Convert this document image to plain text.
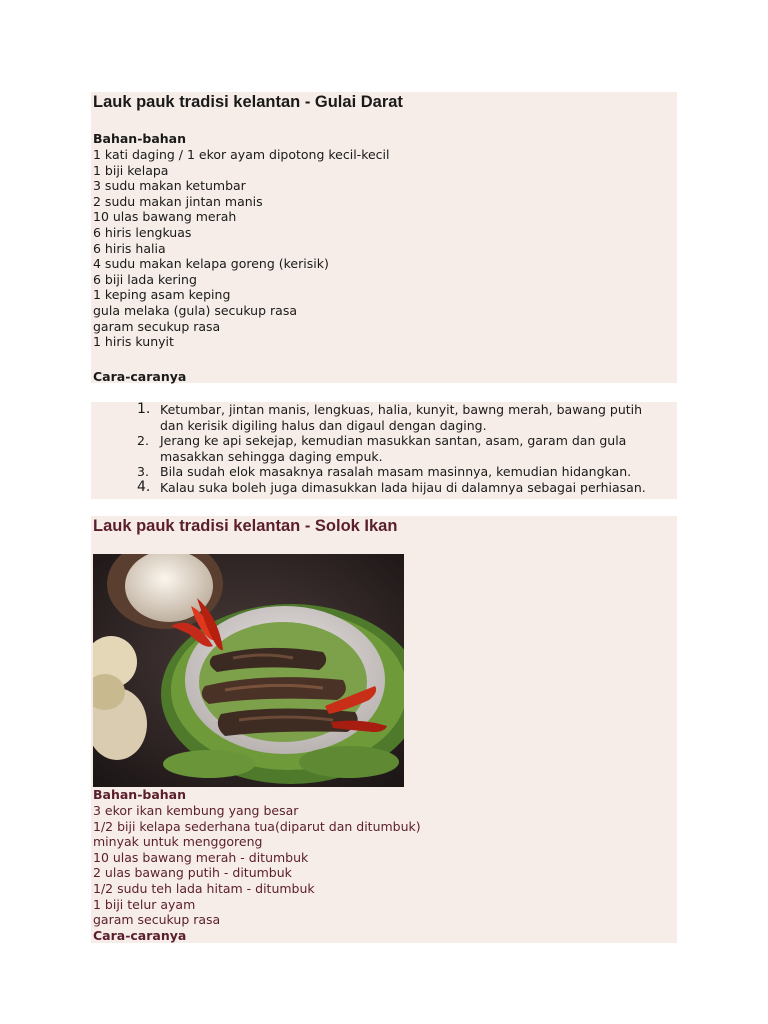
Lauk pauk tradisi kelantan - Gulai Darat
Bahan-bahan
1 kati daging / 1 ekor ayam dipotong kecil-kecil
1 biji kelapa
3 sudu makan ketumbar
2 sudu makan jintan manis
10 ulas bawang merah
6 hiris lengkuas
6 hiris halia
4 sudu makan kelapa goreng (kerisik)
6 biji lada kering
1 keping asam keping
gula melaka (gula) secukup rasa
garam secukup rasa
1 hiris kunyit
Cara-caranya
1. Ketumbar, jintan manis, lengkuas, halia, kunyit, bawng merah, bawang putih
dan kerisik digiling halus dan digaul dengan daging.
2. Jerang ke api sekejap, kemudian masukkan santan, asam, garam dan gula
masakkan sehingga daging empuk.
3. Bila sudah elok masaknya rasalah masam masinnya, kemudian hidangkan.
4. Kalau suka boleh juga dimasukkan lada hijau di dalamnya sebagai perhiasan.
Lauk pauk tradisi kelantan - Solok Ikan
Bahan-bahan
3 ekor ikan kembung yang besar
1/2 biji kelapa sederhana tua(diparut dan ditumbuk)
minyak untuk menggoreng
10 ulas bawang merah - ditumbuk
2 ulas bawang putih - ditumbuk
1/2 sudu teh lada hitam - ditumbuk
1 biji telur ayam
garam secukup rasa
Cara-caranya
